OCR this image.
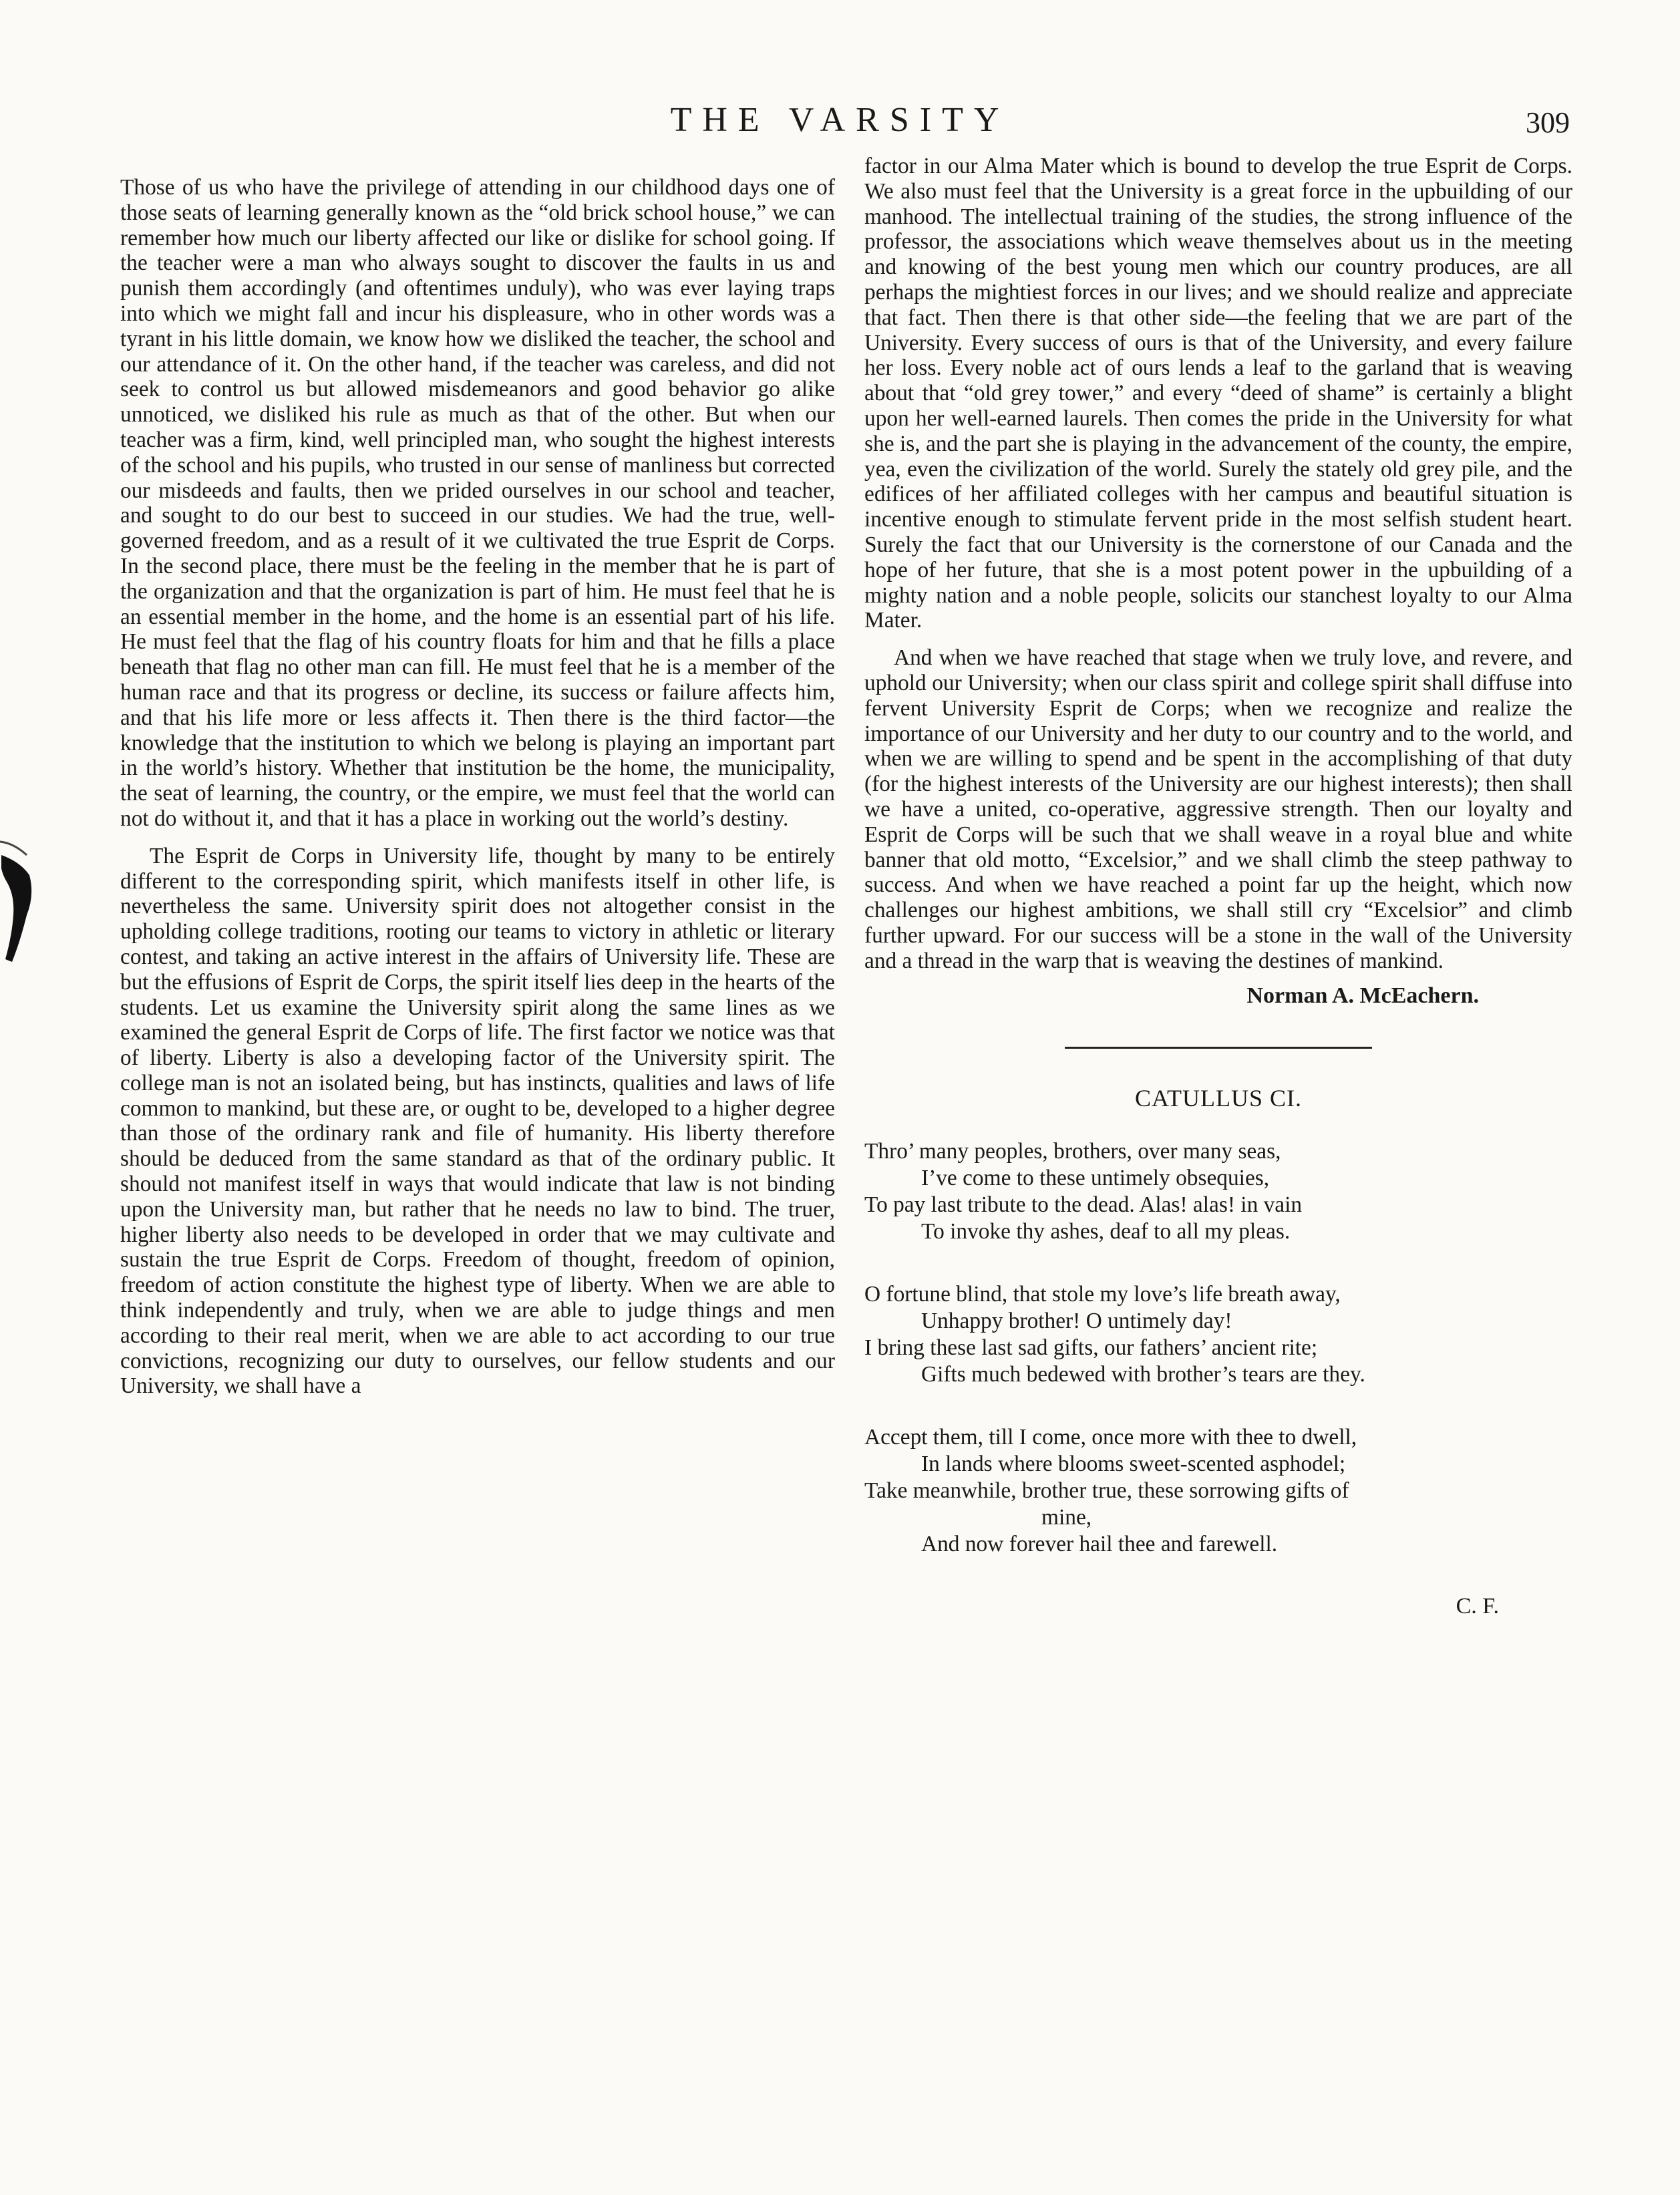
THE VARSITY	309

Those of us who have the privilege of attending in our childhood days one of those seats of learning generally known as the “old brick school house,” we can remember how much our liberty affected our like or dislike for school going. If the teacher were a man who always sought to discover the faults in us and punish them accordingly (and oftentimes unduly), who was ever laying traps into which we might fall and incur his displeasure, who in other words was a tyrant in his little domain, we know how we disliked the teacher, the school and our attendance of it. On the other hand, if the teacher was careless, and did not seek to control us but allowed misdemeanors and good behavior go alike unnoticed, we disliked his rule as much as that of the other. But when our teacher was a firm, kind, well principled man, who sought the highest interests of the school and his pupils, who trusted in our sense of manliness but corrected our misdeeds and faults, then we prided ourselves in our school and teacher, and sought to do our best to succeed in our studies. We had the true, well-governed freedom, and as a result of it we cultivated the true Esprit de Corps. In the second place, there must be the feeling in the member that he is part of the organization and that the organization is part of him. He must feel that he is an essential member in the home, and the home is an essential part of his life. He must feel that the flag of his country floats for him and that he fills a place beneath that flag no other man can fill. He must feel that he is a member of the human race and that its progress or decline, its success or failure affects him, and that his life more or less affects it. Then there is the third factor—the knowledge that the institution to which we belong is playing an important part in the world’s history. Whether that institution be the home, the municipality, the seat of learning, the country, or the empire, we must feel that the world can not do without it, and that it has a place in working out the world’s destiny.

The Esprit de Corps in University life, thought by many to be entirely different to the corresponding spirit, which manifests itself in other life, is nevertheless the same. University spirit does not altogether consist in the upholding college traditions, rooting our teams to victory in athletic or literary contest, and taking an active interest in the affairs of University life. These are but the effusions of Esprit de Corps, the spirit itself lies deep in the hearts of the students. Let us examine the University spirit along the same lines as we examined the general Esprit de Corps of life. The first factor we notice was that of liberty. Liberty is also a developing factor of the University spirit. The college man is not an isolated being, but has instincts, qualities and laws of life common to mankind, but these are, or ought to be, developed to a higher degree than those of the ordinary rank and file of humanity. His liberty therefore should be deduced from the same standard as that of the ordinary public. It should not manifest itself in ways that would indicate that law is not binding upon the University man, but rather that he needs no law to bind. The truer, higher liberty also needs to be developed in order that we may cultivate and sustain the true Esprit de Corps. Freedom of thought, freedom of opinion, freedom of action constitute the highest type of liberty. When we are able to think independently and truly, when we are able to judge things and men according to their real merit, when we are able to act according to our true convictions, recognizing our duty to ourselves, our fellow students and our University, we shall have a

factor in our Alma Mater which is bound to develop the true Esprit de Corps. We also must feel that the University is a great force in the upbuilding of our manhood. The intellectual training of the studies, the strong influence of the professor, the associations which weave themselves about us in the meeting and knowing of the best young men which our country produces, are all perhaps the mightiest forces in our lives; and we should realize and appreciate that fact. Then there is that other side—the feeling that we are part of the University. Every success of ours is that of the University, and every failure her loss. Every noble act of ours lends a leaf to the garland that is weaving about that “old grey tower,” and every “deed of shame” is certainly a blight upon her well-earned laurels. Then comes the pride in the University for what she is, and the part she is playing in the advancement of the county, the empire, yea, even the civilization of the world. Surely the stately old grey pile, and the edifices of her affiliated colleges with her campus and beautiful situation is incentive enough to stimulate fervent pride in the most selfish student heart. Surely the fact that our University is the cornerstone of our Canada and the hope of her future, that she is a most potent power in the upbuilding of a mighty nation and a noble people, solicits our stanchest loyalty to our Alma Mater.

And when we have reached that stage when we truly love, and revere, and uphold our University; when our class spirit and college spirit shall diffuse into fervent University Esprit de Corps; when we recognize and realize the importance of our University and her duty to our country and to the world, and when we are willing to spend and be spent in the accomplishing of that duty (for the highest interests of the University are our highest interests); then shall we have a united, co-operative, aggressive strength. Then our loyalty and Esprit de Corps will be such that we shall weave in a royal blue and white banner that old motto, “Excelsior,” and we shall climb the steep pathway to success. And when we have reached a point far up the height, which now challenges our highest ambitions, we shall still cry “Excelsior” and climb further upward. For our success will be a stone in the wall of the University and a thread in the warp that is weaving the destines of mankind.

Norman A. McEachern.

CATULLUS CI.
Thro’ many peoples, brothers, over many seas,
I’ve come to these untimely obsequies,
To pay last tribute to the dead. Alas! alas! in vain
To invoke thy ashes, deaf to all my pleas.
O fortune blind, that stole my love’s life breath away,
Unhappy brother! O untimely day!
I bring these last sad gifts, our fathers’ ancient rite;
Gifts much bedewed with brother’s tears are they.
Accept them, till I come, once more with thee to dwell,
In lands where blooms sweet-scented asphodel;
Take meanwhile, brother true, these sorrowing gifts of
mine,
And now forever hail thee and farewell.

C. F.
